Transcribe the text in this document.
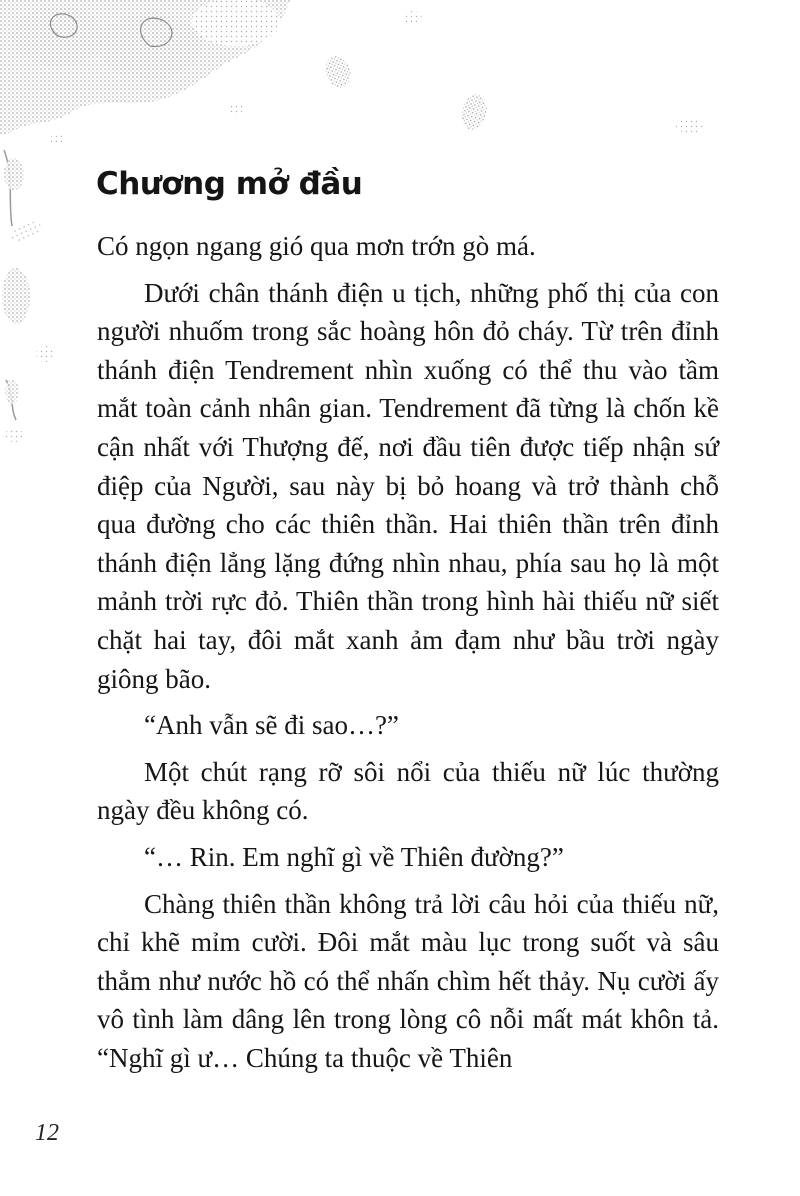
Chương mở đầu

Có ngọn ngang gió qua mơn trớn gò má.

Dưới chân thánh điện u tịch, những phố thị của con người nhuốm trong sắc hoàng hôn đỏ cháy. Từ trên đỉnh thánh điện Tendrement nhìn xuống có thể thu vào tầm mắt toàn cảnh nhân gian. Tendrement đã từng là chốn kề cận nhất với Thượng đế, nơi đầu tiên được tiếp nhận sứ điệp của Người, sau này bị bỏ hoang và trở thành chỗ qua đường cho các thiên thần. Hai thiên thần trên đỉnh thánh điện lẳng lặng đứng nhìn nhau, phía sau họ là một mảnh trời rực đỏ. Thiên thần trong hình hài thiếu nữ siết chặt hai tay, đôi mắt xanh ảm đạm như bầu trời ngày giông bão.

“Anh vẫn sẽ đi sao…?”

Một chút rạng rỡ sôi nổi của thiếu nữ lúc thường ngày đều không có.

“… Rin. Em nghĩ gì về Thiên đường?”

Chàng thiên thần không trả lời câu hỏi của thiếu nữ, chỉ khẽ mỉm cười. Đôi mắt màu lục trong suốt và sâu thẳm như nước hồ có thể nhấn chìm hết thảy. Nụ cười ấy vô tình làm dâng lên trong lòng cô nỗi mất mát khôn tả. “Nghĩ gì ư… Chúng ta thuộc về Thiên

12
